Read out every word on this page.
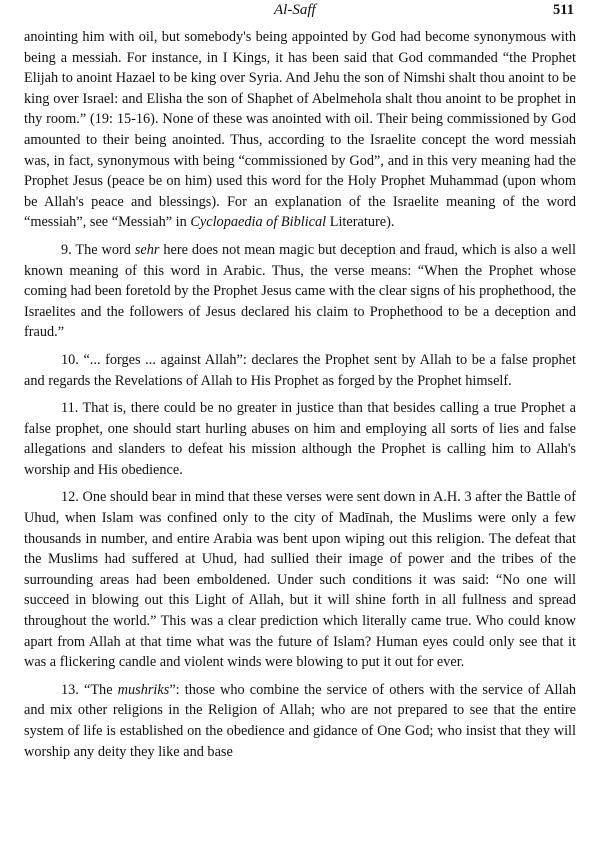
Al-Saff	511

anointing him with oil, but somebody's being appointed by God had become synonymous with being a messiah. For instance, in I Kings, it has been said that God commanded “the Prophet Elijah to anoint Hazael to be king over Syria. And Jehu the son of Nimshi shalt thou anoint to be king over Israel: and Elisha the son of Shaphet of Abelmehola shalt thou anoint to be prophet in thy room.” (19: 15-16). None of these was anointed with oil. Their being commissioned by God amounted to their being anointed. Thus, according to the Israelite concept the word messiah was, in fact, synonymous with being “commissioned by God”, and in this very meaning had the Prophet Jesus (peace be on him) used this word for the Holy Prophet Muhammad (upon whom be Allah's peace and blessings). For an explanation of the Israelite meaning of the word “messiah”, see “Messiah” in Cyclopaedia of Biblical Literature).

9. The word sehr here does not mean magic but deception and fraud, which is also a well known meaning of this word in Arabic. Thus, the verse means: “When the Prophet whose coming had been foretold by the Prophet Jesus came with the clear signs of his prophethood, the Israelites and the followers of Jesus declared his claim to Prophethood to be a deception and fraud.”

10. “... forges ... against Allah”: declares the Prophet sent by Allah to be a false prophet and regards the Revelations of Allah to His Prophet as forged by the Prophet himself.

11. That is, there could be no greater in justice than that besides calling a true Prophet a false prophet, one should start hurling abuses on him and employing all sorts of lies and false allegations and slanders to defeat his mission although the Prophet is calling him to Allah's worship and His obedience.

12. One should bear in mind that these verses were sent down in A.H. 3 after the Battle of Uhud, when Islam was confined only to the city of Madīnah, the Muslims were only a few thousands in number, and entire Arabia was bent upon wiping out this religion. The defeat that the Muslims had suffered at Uhud, had sullied their image of power and the tribes of the surrounding areas had been emboldened. Under such conditions it was said: “No one will succeed in blowing out this Light of Allah, but it will shine forth in all fullness and spread throughout the world.” This was a clear prediction which literally came true. Who could know apart from Allah at that time what was the future of Islam? Human eyes could only see that it was a flickering candle and violent winds were blowing to put it out for ever.

13. “The mushriks”: those who combine the service of others with the service of Allah and mix other religions in the Religion of Allah; who are not prepared to see that the entire system of life is established on the obedience and gidance of One God; who insist that they will worship any deity they like and base
